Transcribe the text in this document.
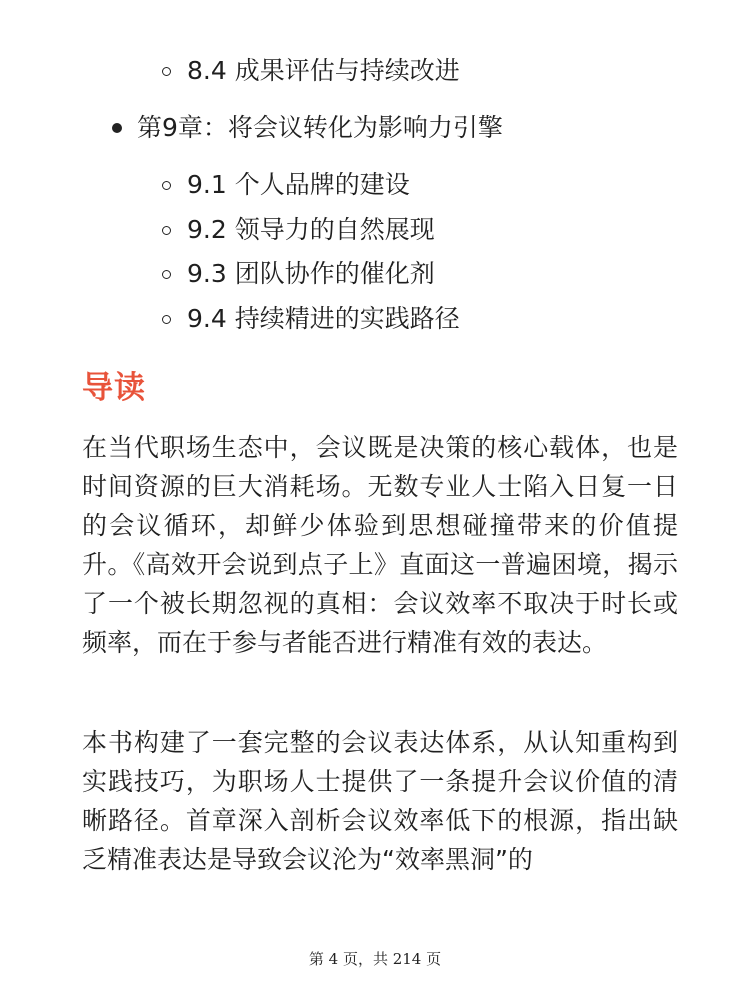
8.4 成果评估与持续改进
第9章：将会议转化为影响力引擎
9.1 个人品牌的建设
9.2 领导力的自然展现
9.3 团队协作的催化剂
9.4 持续精进的实践路径
导读
在当代职场生态中，会议既是决策的核心载体，也是时间资源的巨大消耗场。无数专业人士陷入日复一日的会议循环，却鲜少体验到思想碰撞带来的价值提升。《高效开会说到点子上》直面这一普遍困境，揭示了一个被长期忽视的真相：会议效率不取决于时长或频率，而在于参与者能否进行精准有效的表达。
本书构建了一套完整的会议表达体系，从认知重构到实践技巧，为职场人士提供了一条提升会议价值的清晰路径。首章深入剖析会议效率低下的根源，指出缺乏精准表达是导致会议沦为“效率黑洞”的
第 4 页，共 214 页
